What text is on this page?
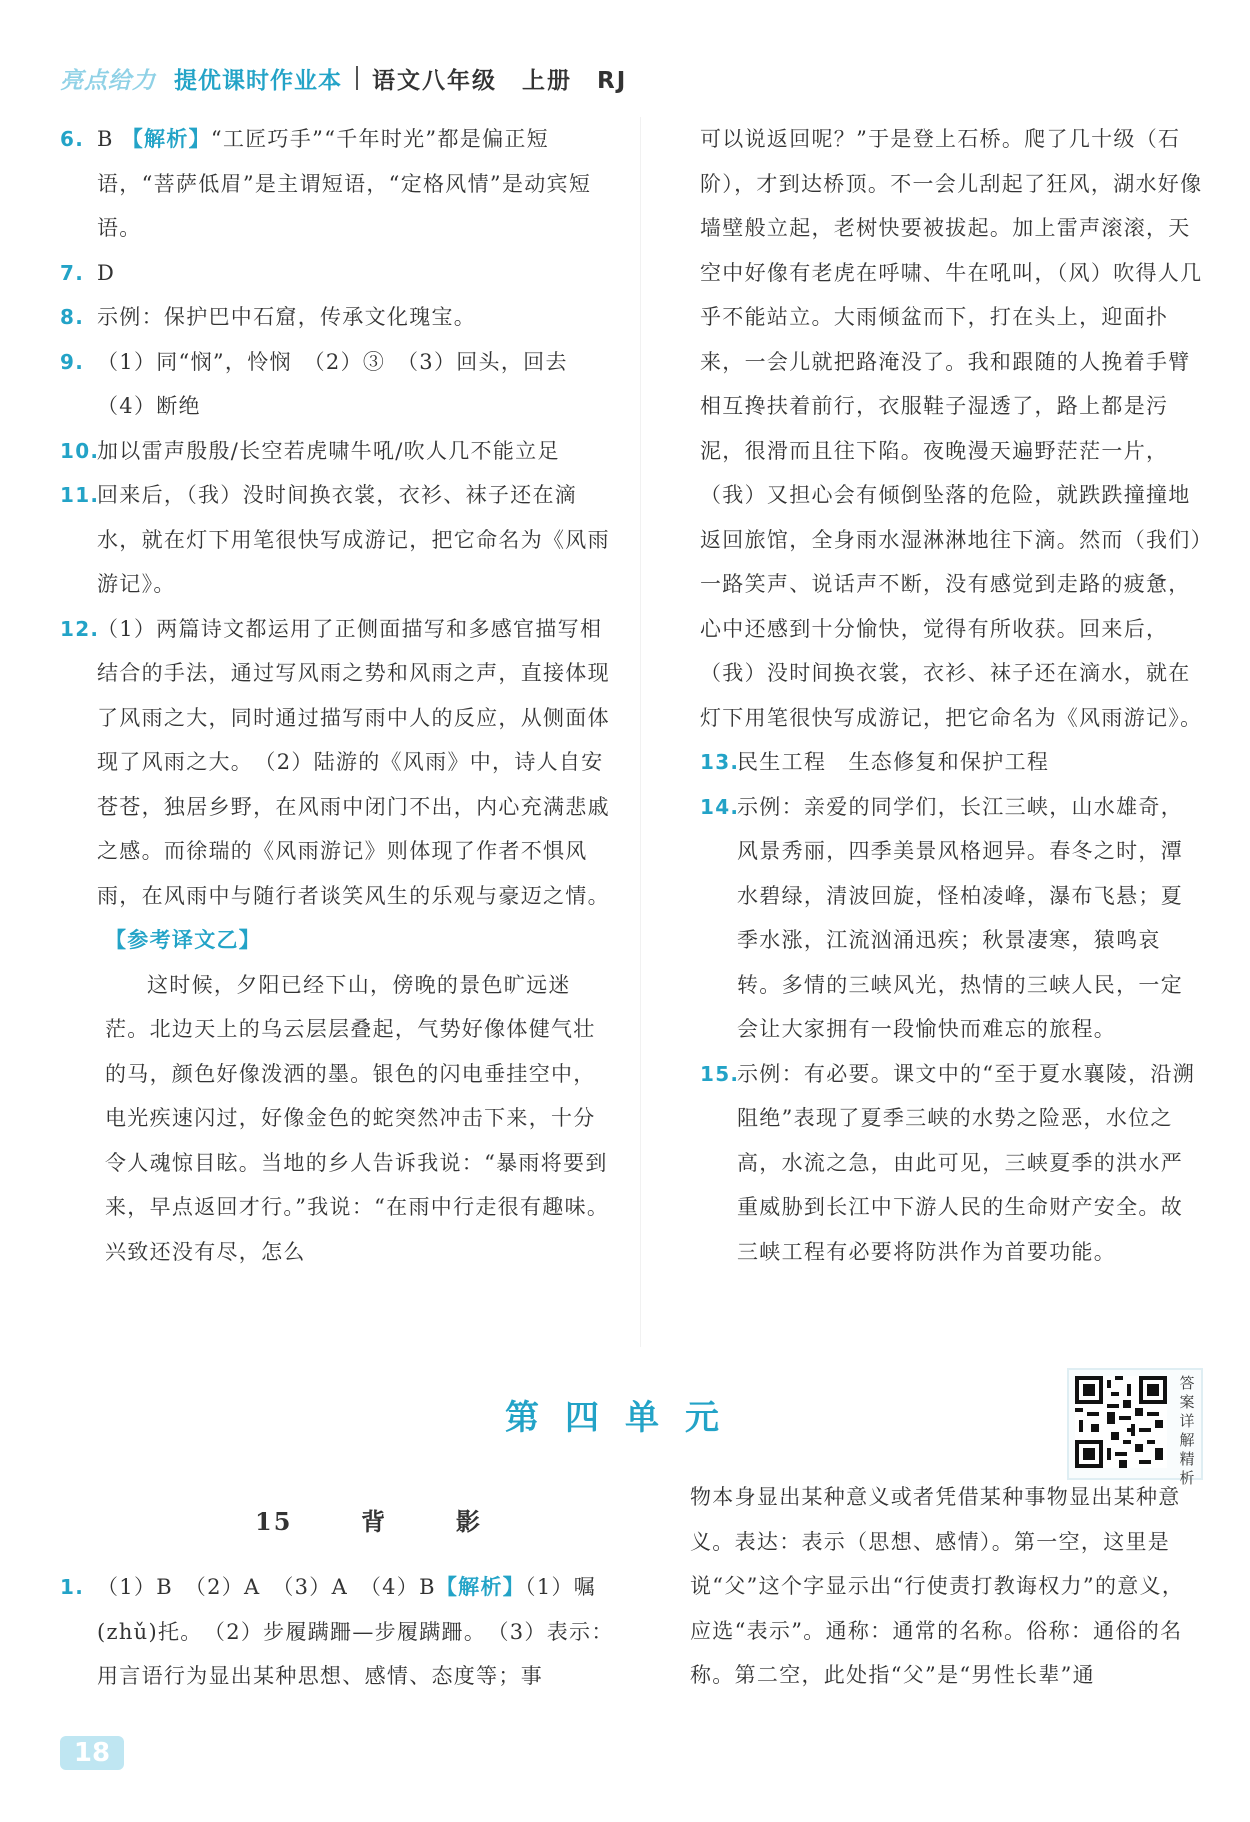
亮点给力 提优课时作业本 语文八年级　上册　RJ
6. B 【解析】“工匠巧手”“千年时光”都是偏正短语，“菩萨低眉”是主谓短语，“定格风情”是动宾短语。
7. D
8. 示例：保护巴中石窟，传承文化瑰宝。
9. （1）同“悯”，怜悯　（2）③　（3）回头，回去　（4）断绝
10.
加以雷声殷殷/长空若虎啸牛吼/吹人几不能立足
11.
回来后，（我）没时间换衣裳，衣衫、袜子还在滴水，就在灯下用笔很快写成游记，把它命名为《风雨游记》。
12.
（1）两篇诗文都运用了正侧面描写和多感官描写相结合的手法，通过写风雨之势和风雨之声，直接体现了风雨之大，同时通过描写雨中人的反应，从侧面体现了风雨之大。　（2）陆游的《风雨》中，诗人自安苍苍，独居乡野，在风雨中闭门不出，内心充满悲戚之感。而徐瑞的《风雨游记》则体现了作者不惧风雨，在风雨中与随行者谈笑风生的乐观与豪迈之情。
【参考译文乙】
这时候，夕阳已经下山，傍晚的景色旷远迷茫。北边天上的乌云层层叠起，气势好像体健气壮的马，颜色好像泼洒的墨。银色的闪电垂挂空中，电光疾速闪过，好像金色的蛇突然冲击下来，十分令人魂惊目眩。当地的乡人告诉我说：“暴雨将要到来，早点返回才行。”我说：“在雨中行走很有趣味。兴致还没有尽，怎么
可以说返回呢？”于是登上石桥。爬了几十级（石阶），才到达桥顶。不一会儿刮起了狂风，湖水好像墙壁般立起，老树快要被拔起。加上雷声滚滚，天空中好像有老虎在呼啸、牛在吼叫，（风）吹得人几乎不能站立。大雨倾盆而下，打在头上，迎面扑来，一会儿就把路淹没了。我和跟随的人挽着手臂相互搀扶着前行，衣服鞋子湿透了，路上都是污泥，很滑而且往下陷。夜晚漫天遍野茫茫一片，（我）又担心会有倾倒坠落的危险，就跌跌撞撞地返回旅馆，全身雨水湿淋淋地往下滴。然而（我们）一路笑声、说话声不断，没有感觉到走路的疲惫，心中还感到十分愉快，觉得有所收获。回来后，（我）没时间换衣裳，衣衫、袜子还在滴水，就在灯下用笔很快写成游记，把它命名为《风雨游记》。
13.
民生工程　生态修复和保护工程
14.
示例：亲爱的同学们，长江三峡，山水雄奇，风景秀丽，四季美景风格迥异。春冬之时，潭水碧绿，清波回旋，怪柏凌峰，瀑布飞悬；夏季水涨，江流汹涌迅疾；秋景凄寒，猿鸣哀转。多情的三峡风光，热情的三峡人民，一定会让大家拥有一段愉快而难忘的旅程。
15.
示例：有必要。课文中的“至于夏水襄陵，沿溯阻绝”表现了夏季三峡的水势之险恶，水位之高，水流之急，由此可见，三峡夏季的洪水严重威胁到长江中下游人民的生命财产安全。故三峡工程有必要将防洪作为首要功能。
第四单元
答案详解精析
15	背	影
1. （1）B　（2）A　（3）A　（4）B【解析】（1）嘱(zhǔ)托。　（2）步履蹒跚—步履蹒跚。　（3）表示：用言语行为显出某种思想、感情、态度等；事
物本身显出某种意义或者凭借某种事物显出某种意义。表达：表示（思想、感情）。第一空，这里是说“父”这个字显示出“行使责打教诲权力”的意义，应选“表示”。通称：通常的名称。俗称：通俗的名称。第二空，此处指“父”是“男性长辈”通
18
